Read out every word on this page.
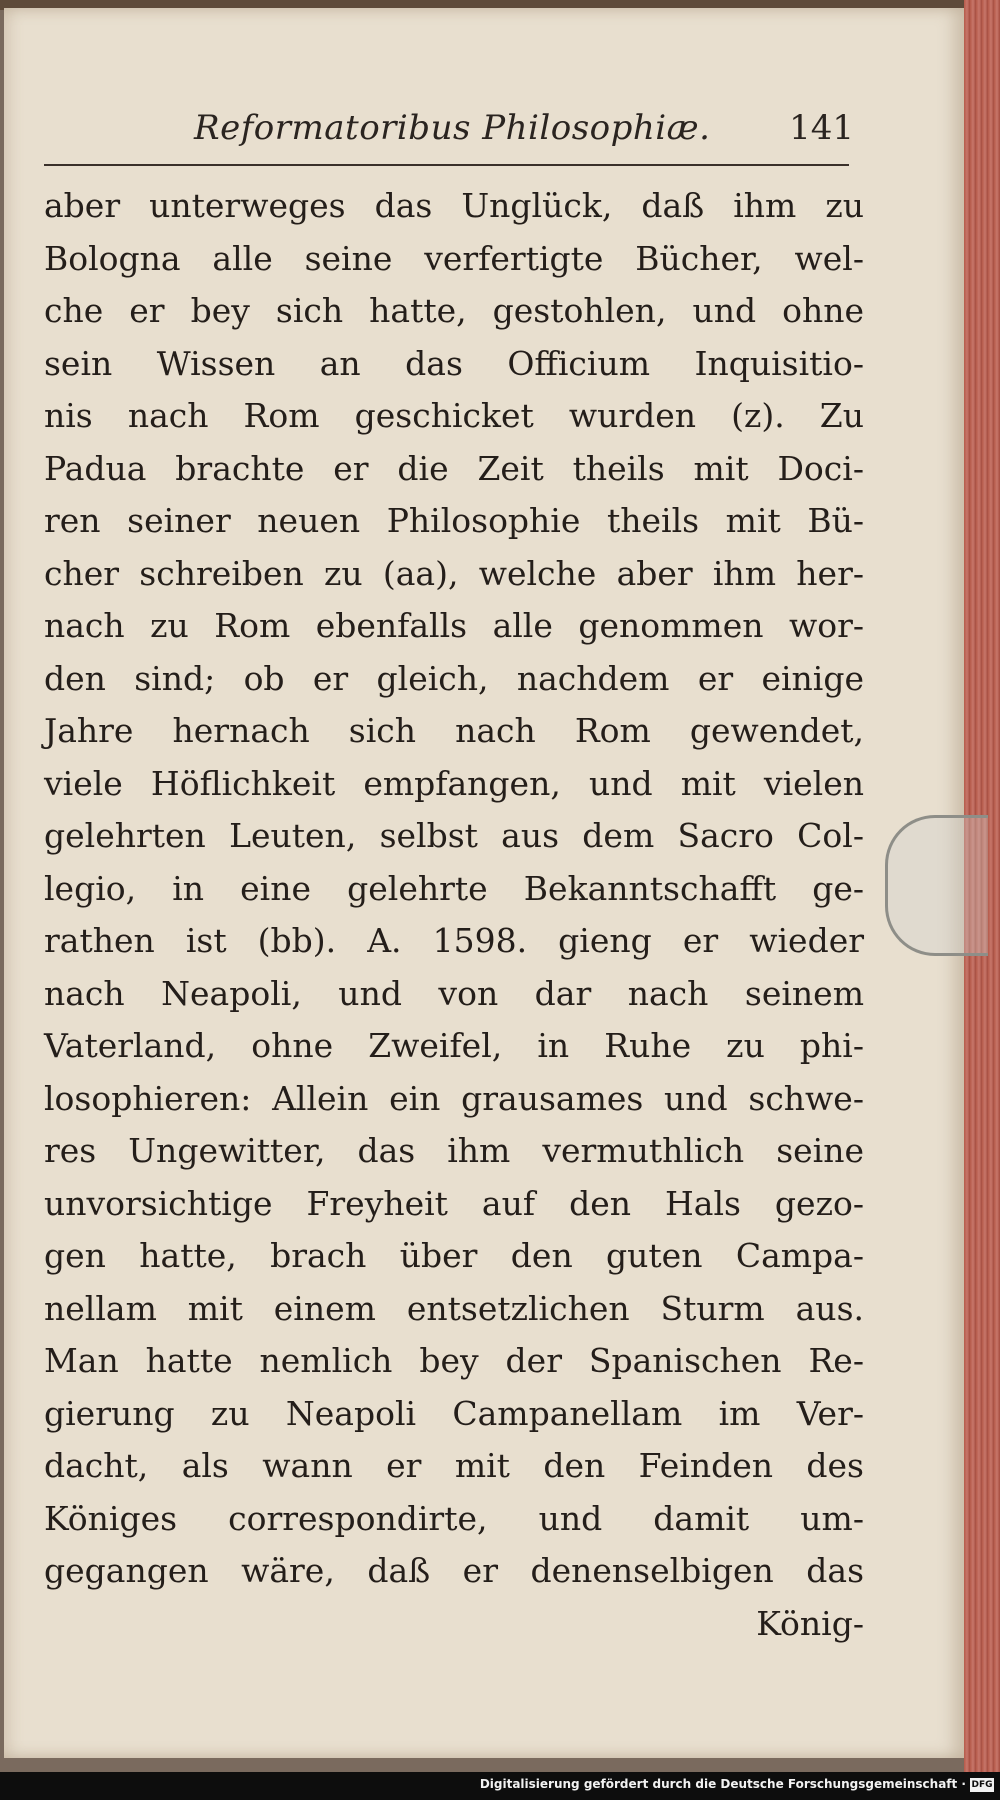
Reformatoribus Philosophiæ. 141
aber unterweges das Unglück, daß ihm zu
Bologna alle seine verfertigte Bücher, wel-
che er bey sich hatte, gestohlen, und ohne
sein Wissen an das Officium Inquisitio-
nis nach Rom geschicket wurden (z). Zu
Padua brachte er die Zeit theils mit Doci-
ren seiner neuen Philosophie theils mit Bü-
cher schreiben zu (aa), welche aber ihm her-
nach zu Rom ebenfalls alle genommen wor-
den sind; ob er gleich, nachdem er einige
Jahre hernach sich nach Rom gewendet,
viele Höflichkeit empfangen, und mit vielen
gelehrten Leuten, selbst aus dem Sacro Col-
legio, in eine gelehrte Bekanntschafft ge-
rathen ist (bb). A. 1598. gieng er wieder
nach Neapoli, und von dar nach seinem
Vaterland, ohne Zweifel, in Ruhe zu phi-
losophieren: Allein ein grausames und schwe-
res Ungewitter, das ihm vermuthlich seine
unvorsichtige Freyheit auf den Hals gezo-
gen hatte, brach über den guten Campa-
nellam mit einem entsetzlichen Sturm aus.
Man hatte nemlich bey der Spanischen Re-
gierung zu Neapoli Campanellam im Ver-
dacht, als wann er mit den Feinden des
Königes correspondirte, und damit um-
gegangen wäre, daß er denenselbigen das
König-
Digitalisierung gefördert durch die Deutsche Forschungsgemeinschaft · DFG
